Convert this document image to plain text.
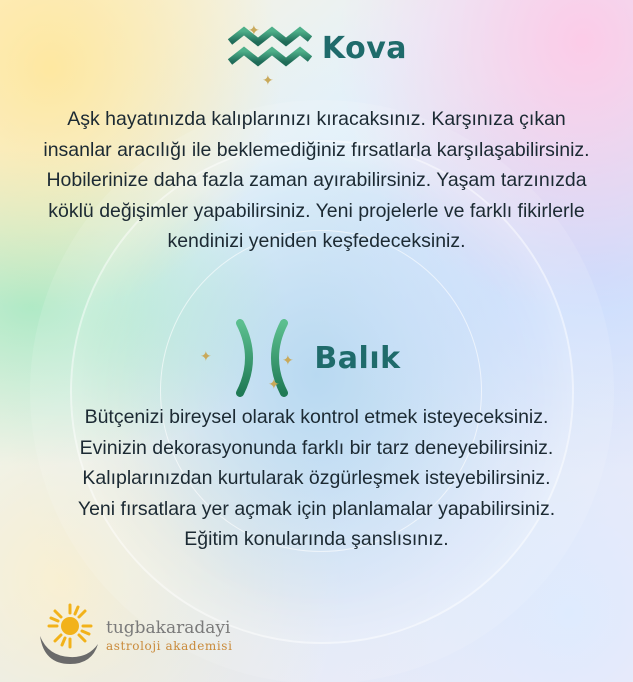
✦
✦
Kova

Aşk hayatınızda kalıplarınızı kıracaksınız. Karşınıza çıkan
insanlar aracılığı ile beklemediğiniz fırsatlarla karşılaşabilirsiniz.
Hobilerinize daha fazla zaman ayırabilirsiniz. Yaşam tarzınızda
köklü değişimler yapabilirsiniz. Yeni projelerle ve farklı fikirlerle
kendinizi yeniden keşfedeceksiniz.

✦	✦
✦
Balık

Bütçenizi bireysel olarak kontrol etmek isteyeceksiniz.
Evinizin dekorasyonunda farklı bir tarz deneyebilirsiniz.
Kalıplarınızdan kurtularak özgürleşmek isteyebilirsiniz.
Yeni fırsatlara yer açmak için planlamalar yapabilirsiniz.
Eğitim konularında şanslısınız.

tugbakaradayi
astroloji akademisi
